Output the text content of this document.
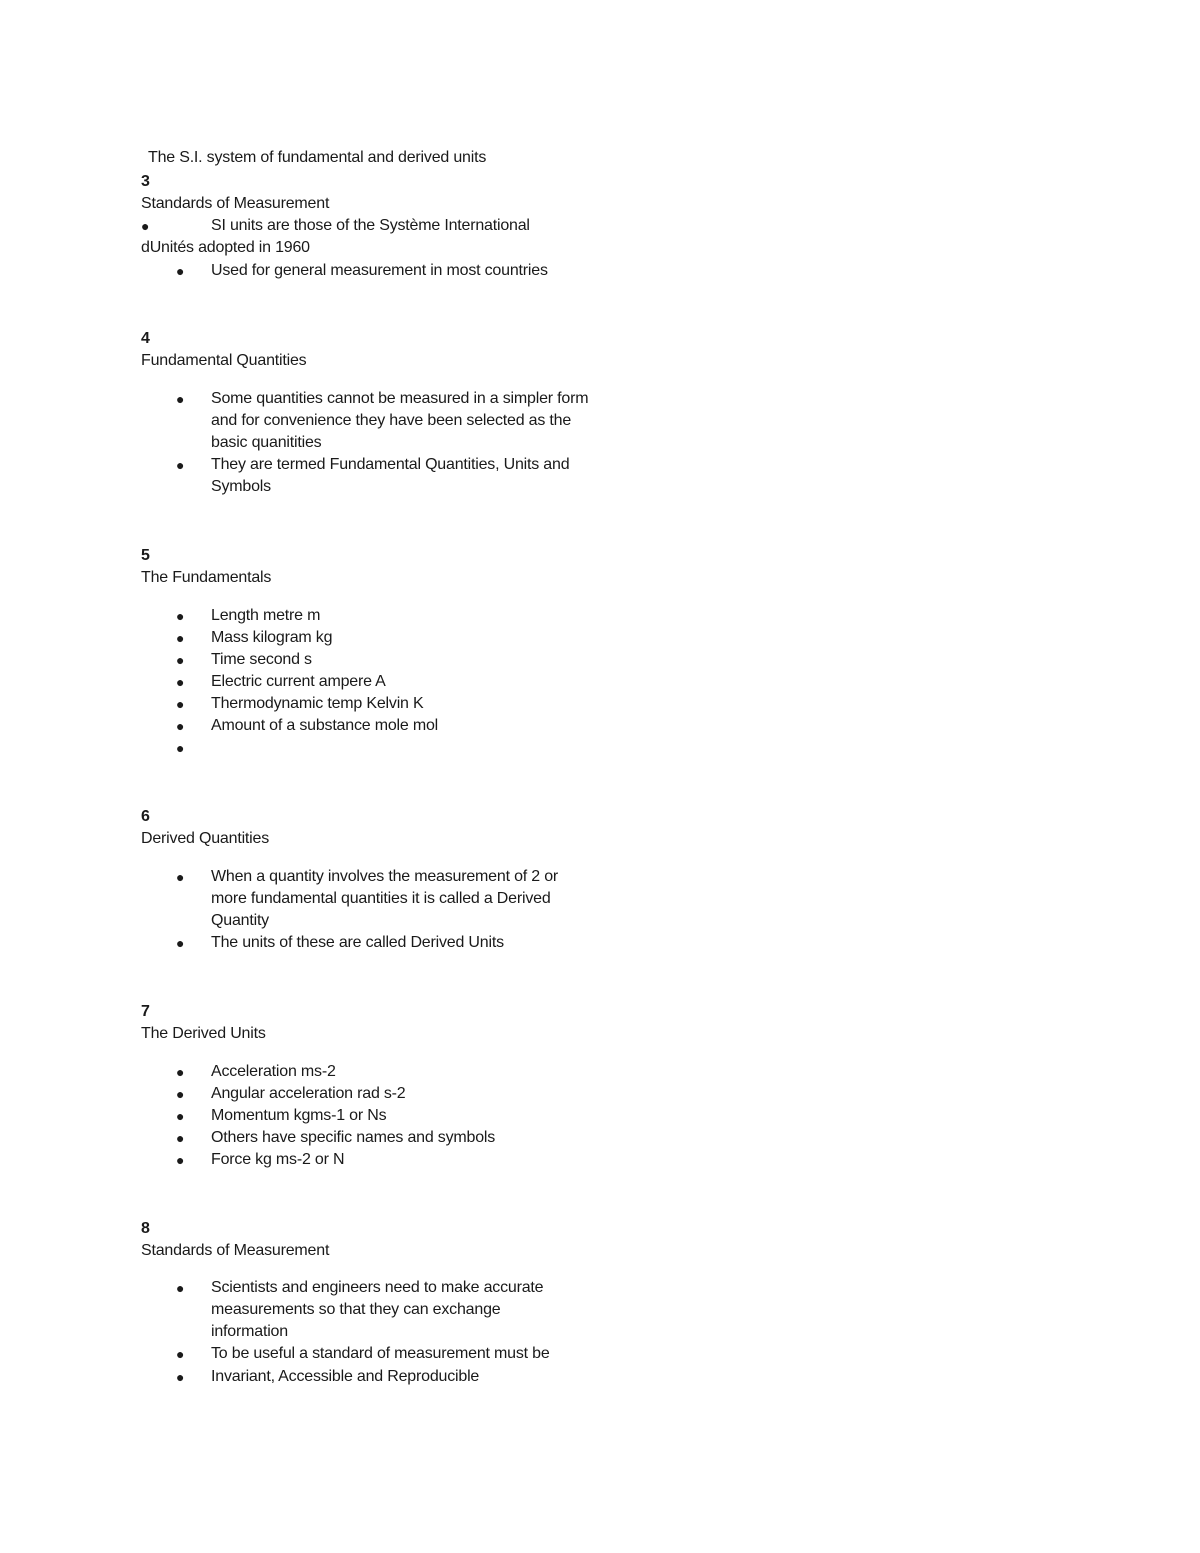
The S.I. system of fundamental and derived units
3
Standards of Measurement
●	SI units are those of the Système International
dUnités adopted in 1960
● Used for general measurement in most countries
4
Fundamental Quantities
● Some quantities cannot be measured in a simpler form and for convenience they have been selected as the basic quanitities
● They are termed Fundamental Quantities, Units and Symbols
5
The Fundamentals
● Length metre m
● Mass kilogram kg
● Time second s
● Electric current ampere A
● Thermodynamic temp Kelvin K
● Amount of a substance mole mol
●
6
Derived Quantities
● When a quantity involves the measurement of 2 or more fundamental quantities it is called a Derived Quantity
● The units of these are called Derived Units
7
The Derived Units
● Acceleration ms-2
● Angular acceleration rad s-2
● Momentum kgms-1 or Ns
● Others have specific names and symbols
● Force kg ms-2 or N
8
Standards of Measurement
● Scientists and engineers need to make accurate measurements so that they can exchange information
● To be useful a standard of measurement must be
● Invariant, Accessible and Reproducible
